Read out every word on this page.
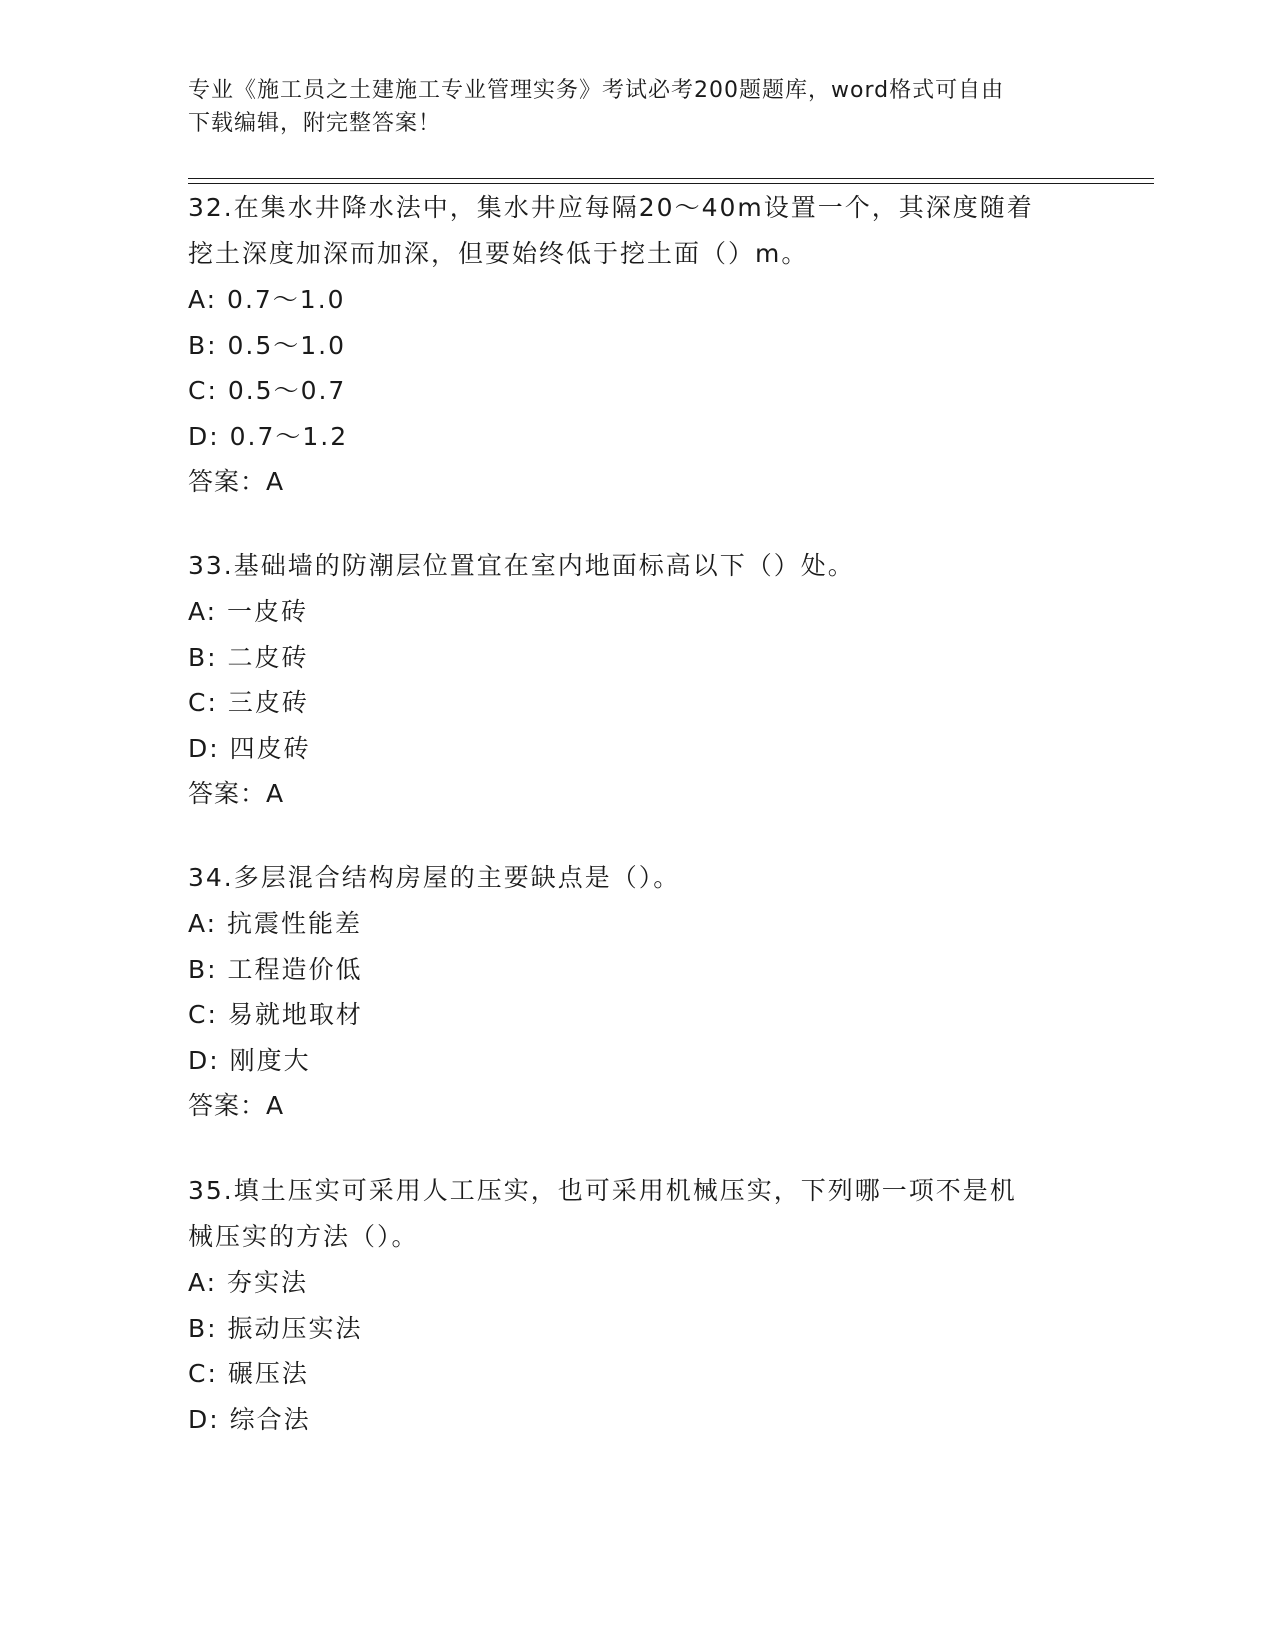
专业《施工员之土建施工专业管理实务》考试必考200题题库，word格式可自由
下载编辑，附完整答案！

32.在集水井降水法中，集水井应每隔20～40m设置一个，其深度随着

挖土深度加深而加深，但要始终低于挖土面（）m。

A: 0.7～1.0

B: 0.5～1.0

C: 0.5～0.7

D: 0.7～1.2

答案：A

33.基础墙的防潮层位置宜在室内地面标高以下（）处。

A: 一皮砖

B: 二皮砖

C: 三皮砖

D: 四皮砖

答案：A

34.多层混合结构房屋的主要缺点是（）。

A: 抗震性能差

B: 工程造价低

C: 易就地取材

D: 刚度大

答案：A

35.填土压实可采用人工压实，也可采用机械压实，下列哪一项不是机

械压实的方法（）。

A: 夯实法

B: 振动压实法

C: 碾压法

D: 综合法
